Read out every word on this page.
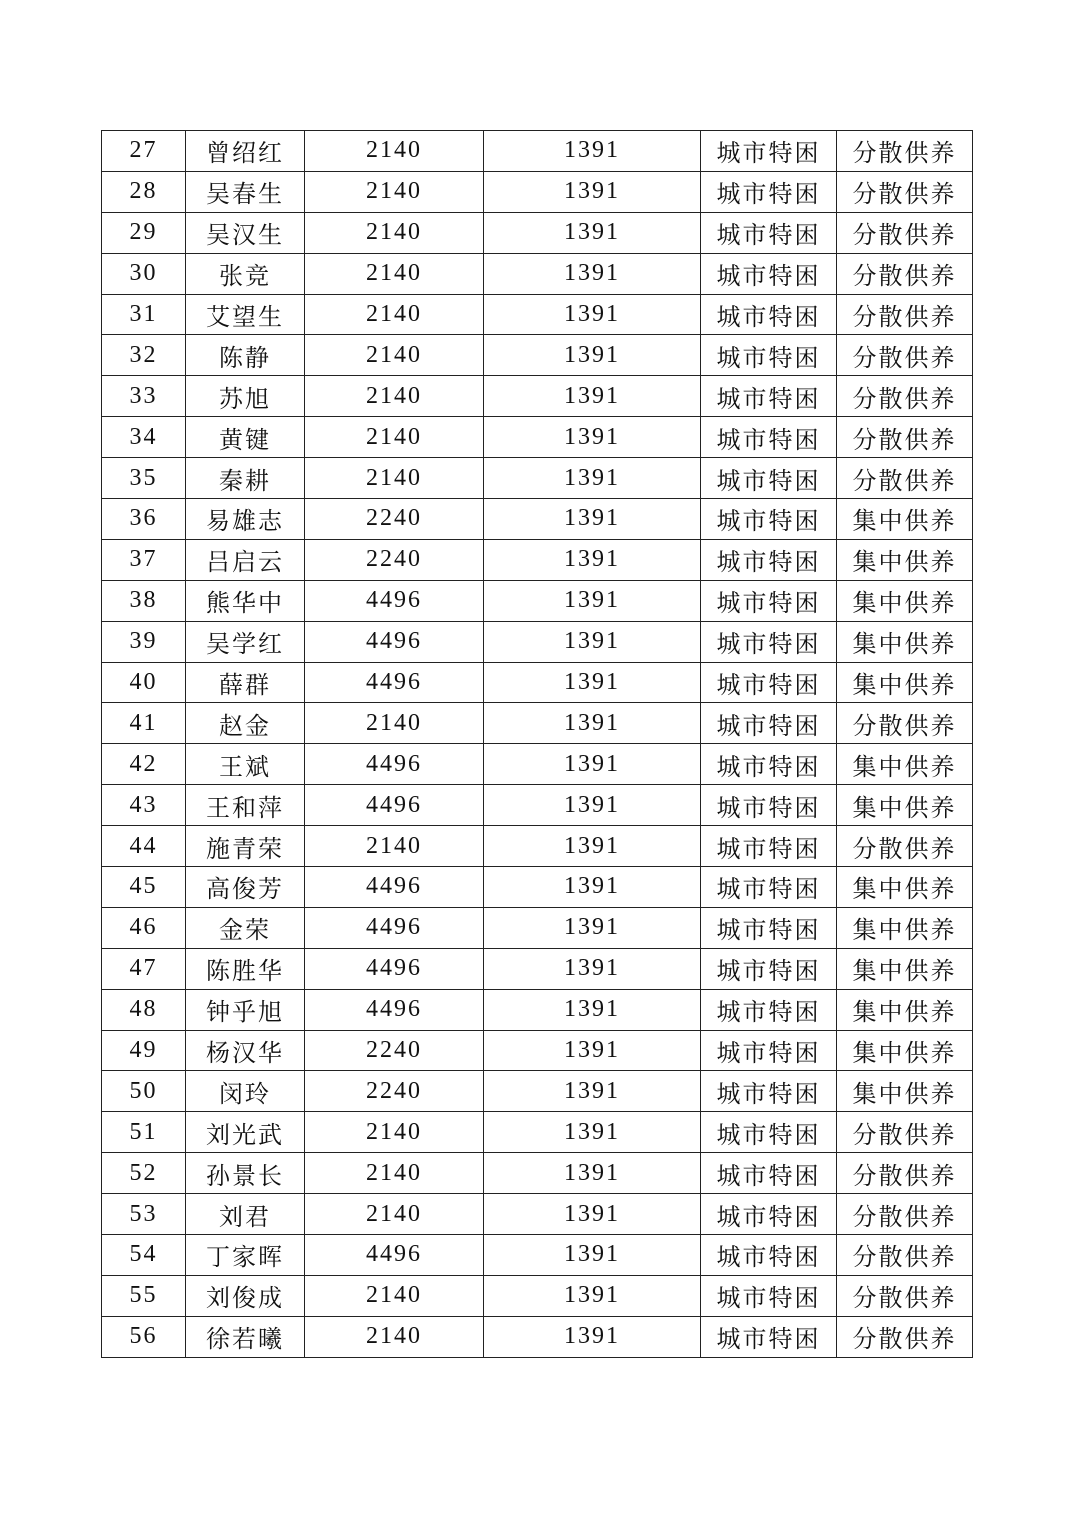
27	曾绍红	2140	1391	城市特困	分散供养
28	吴春生	2140	1391	城市特困	分散供养
29	吴汉生	2140	1391	城市特困	分散供养
30	张竞	2140	1391	城市特困	分散供养
31	艾望生	2140	1391	城市特困	分散供养
32	陈静	2140	1391	城市特困	分散供养
33	苏旭	2140	1391	城市特困	分散供养
34	黄键	2140	1391	城市特困	分散供养
35	秦耕	2140	1391	城市特困	分散供养
36	易雄志	2240	1391	城市特困	集中供养
37	吕启云	2240	1391	城市特困	集中供养
38	熊华中	4496	1391	城市特困	集中供养
39	吴学红	4496	1391	城市特困	集中供养
40	薛群	4496	1391	城市特困	集中供养
41	赵金	2140	1391	城市特困	分散供养
42	王斌	4496	1391	城市特困	集中供养
43	王和萍	4496	1391	城市特困	集中供养
44	施青荣	2140	1391	城市特困	分散供养
45	高俊芳	4496	1391	城市特困	集中供养
46	金荣	4496	1391	城市特困	集中供养
47	陈胜华	4496	1391	城市特困	集中供养
48	钟乎旭	4496	1391	城市特困	集中供养
49	杨汉华	2240	1391	城市特困	集中供养
50	闵玲	2240	1391	城市特困	集中供养
51	刘光武	2140	1391	城市特困	分散供养
52	孙景长	2140	1391	城市特困	分散供养
53	刘君	2140	1391	城市特困	分散供养
54	丁家晖	4496	1391	城市特困	分散供养
55	刘俊成	2140	1391	城市特困	分散供养
56	徐若曦	2140	1391	城市特困	分散供养
